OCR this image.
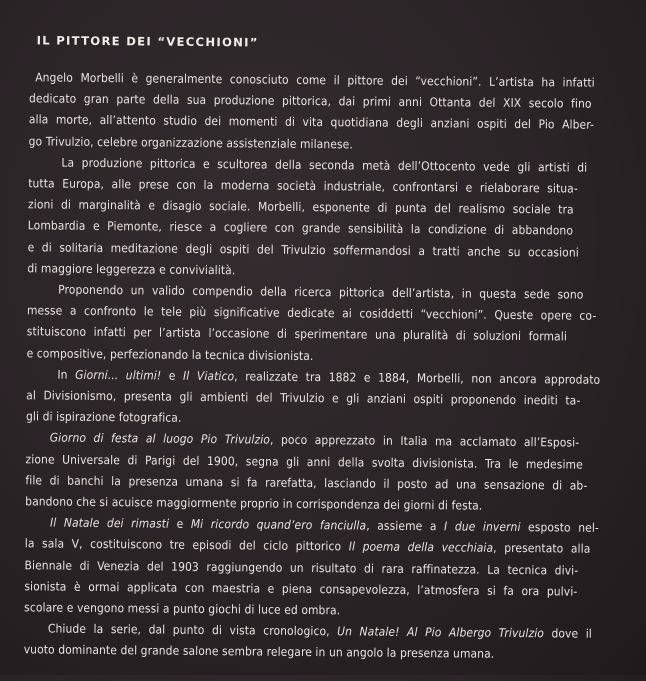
IL PITTORE DEI “VECCHIONI”
Angelo Morbelli è generalmente conosciuto come il pittore dei “vecchioni”. L’artista ha infatti
dedicato gran parte della sua produzione pittorica, dai primi anni Ottanta del XIX secolo fino
alla morte, all’attento studio dei momenti di vita quotidiana degli anziani ospiti del Pio Alber-
go Trivulzio, celebre organizzazione assistenziale milanese.
La produzione pittorica e scultorea della seconda metà dell’Ottocento vede gli artisti di
tutta Europa, alle prese con la moderna società industriale, confrontarsi e rielaborare situa-
zioni di marginalità e disagio sociale. Morbelli, esponente di punta del realismo sociale tra
Lombardia e Piemonte, riesce a cogliere con grande sensibilità la condizione di abbandono
e di solitaria meditazione degli ospiti del Trivulzio soffermandosi a tratti anche su occasioni
di maggiore leggerezza e convivialità.
Proponendo un valido compendio della ricerca pittorica dell’artista, in questa sede sono
messe a confronto le tele più significative dedicate ai cosiddetti “vecchioni”. Queste opere co-
stituiscono infatti per l’artista l’occasione di sperimentare una pluralità di soluzioni formali
e compositive, perfezionando la tecnica divisionista.
In Giorni... ultimi! e Il Viatico, realizzate tra 1882 e 1884, Morbelli, non ancora approdato
al Divisionismo, presenta gli ambienti del Trivulzio e gli anziani ospiti proponendo inediti ta-
gli di ispirazione fotografica.
Giorno di festa al luogo Pio Trivulzio, poco apprezzato in Italia ma acclamato all’Esposi-
zione Universale di Parigi del 1900, segna gli anni della svolta divisionista. Tra le medesime
file di banchi la presenza umana si fa rarefatta, lasciando il posto ad una sensazione di ab-
bandono che si acuisce maggiormente proprio in corrispondenza dei giorni di festa.
Il Natale dei rimasti e Mi ricordo quand’ero fanciulla, assieme a I due inverni esposto nel-
la sala V, costituiscono tre episodi del ciclo pittorico Il poema della vecchiaia, presentato alla
Biennale di Venezia del 1903 raggiungendo un risultato di rara raffinatezza. La tecnica divi-
sionista è ormai applicata con maestria e piena consapevolezza, l’atmosfera si fa ora pulvi-
scolare e vengono messi a punto giochi di luce ed ombra.
Chiude la serie, dal punto di vista cronologico, Un Natale! Al Pio Albergo Trivulzio dove il
vuoto dominante del grande salone sembra relegare in un angolo la presenza umana.
